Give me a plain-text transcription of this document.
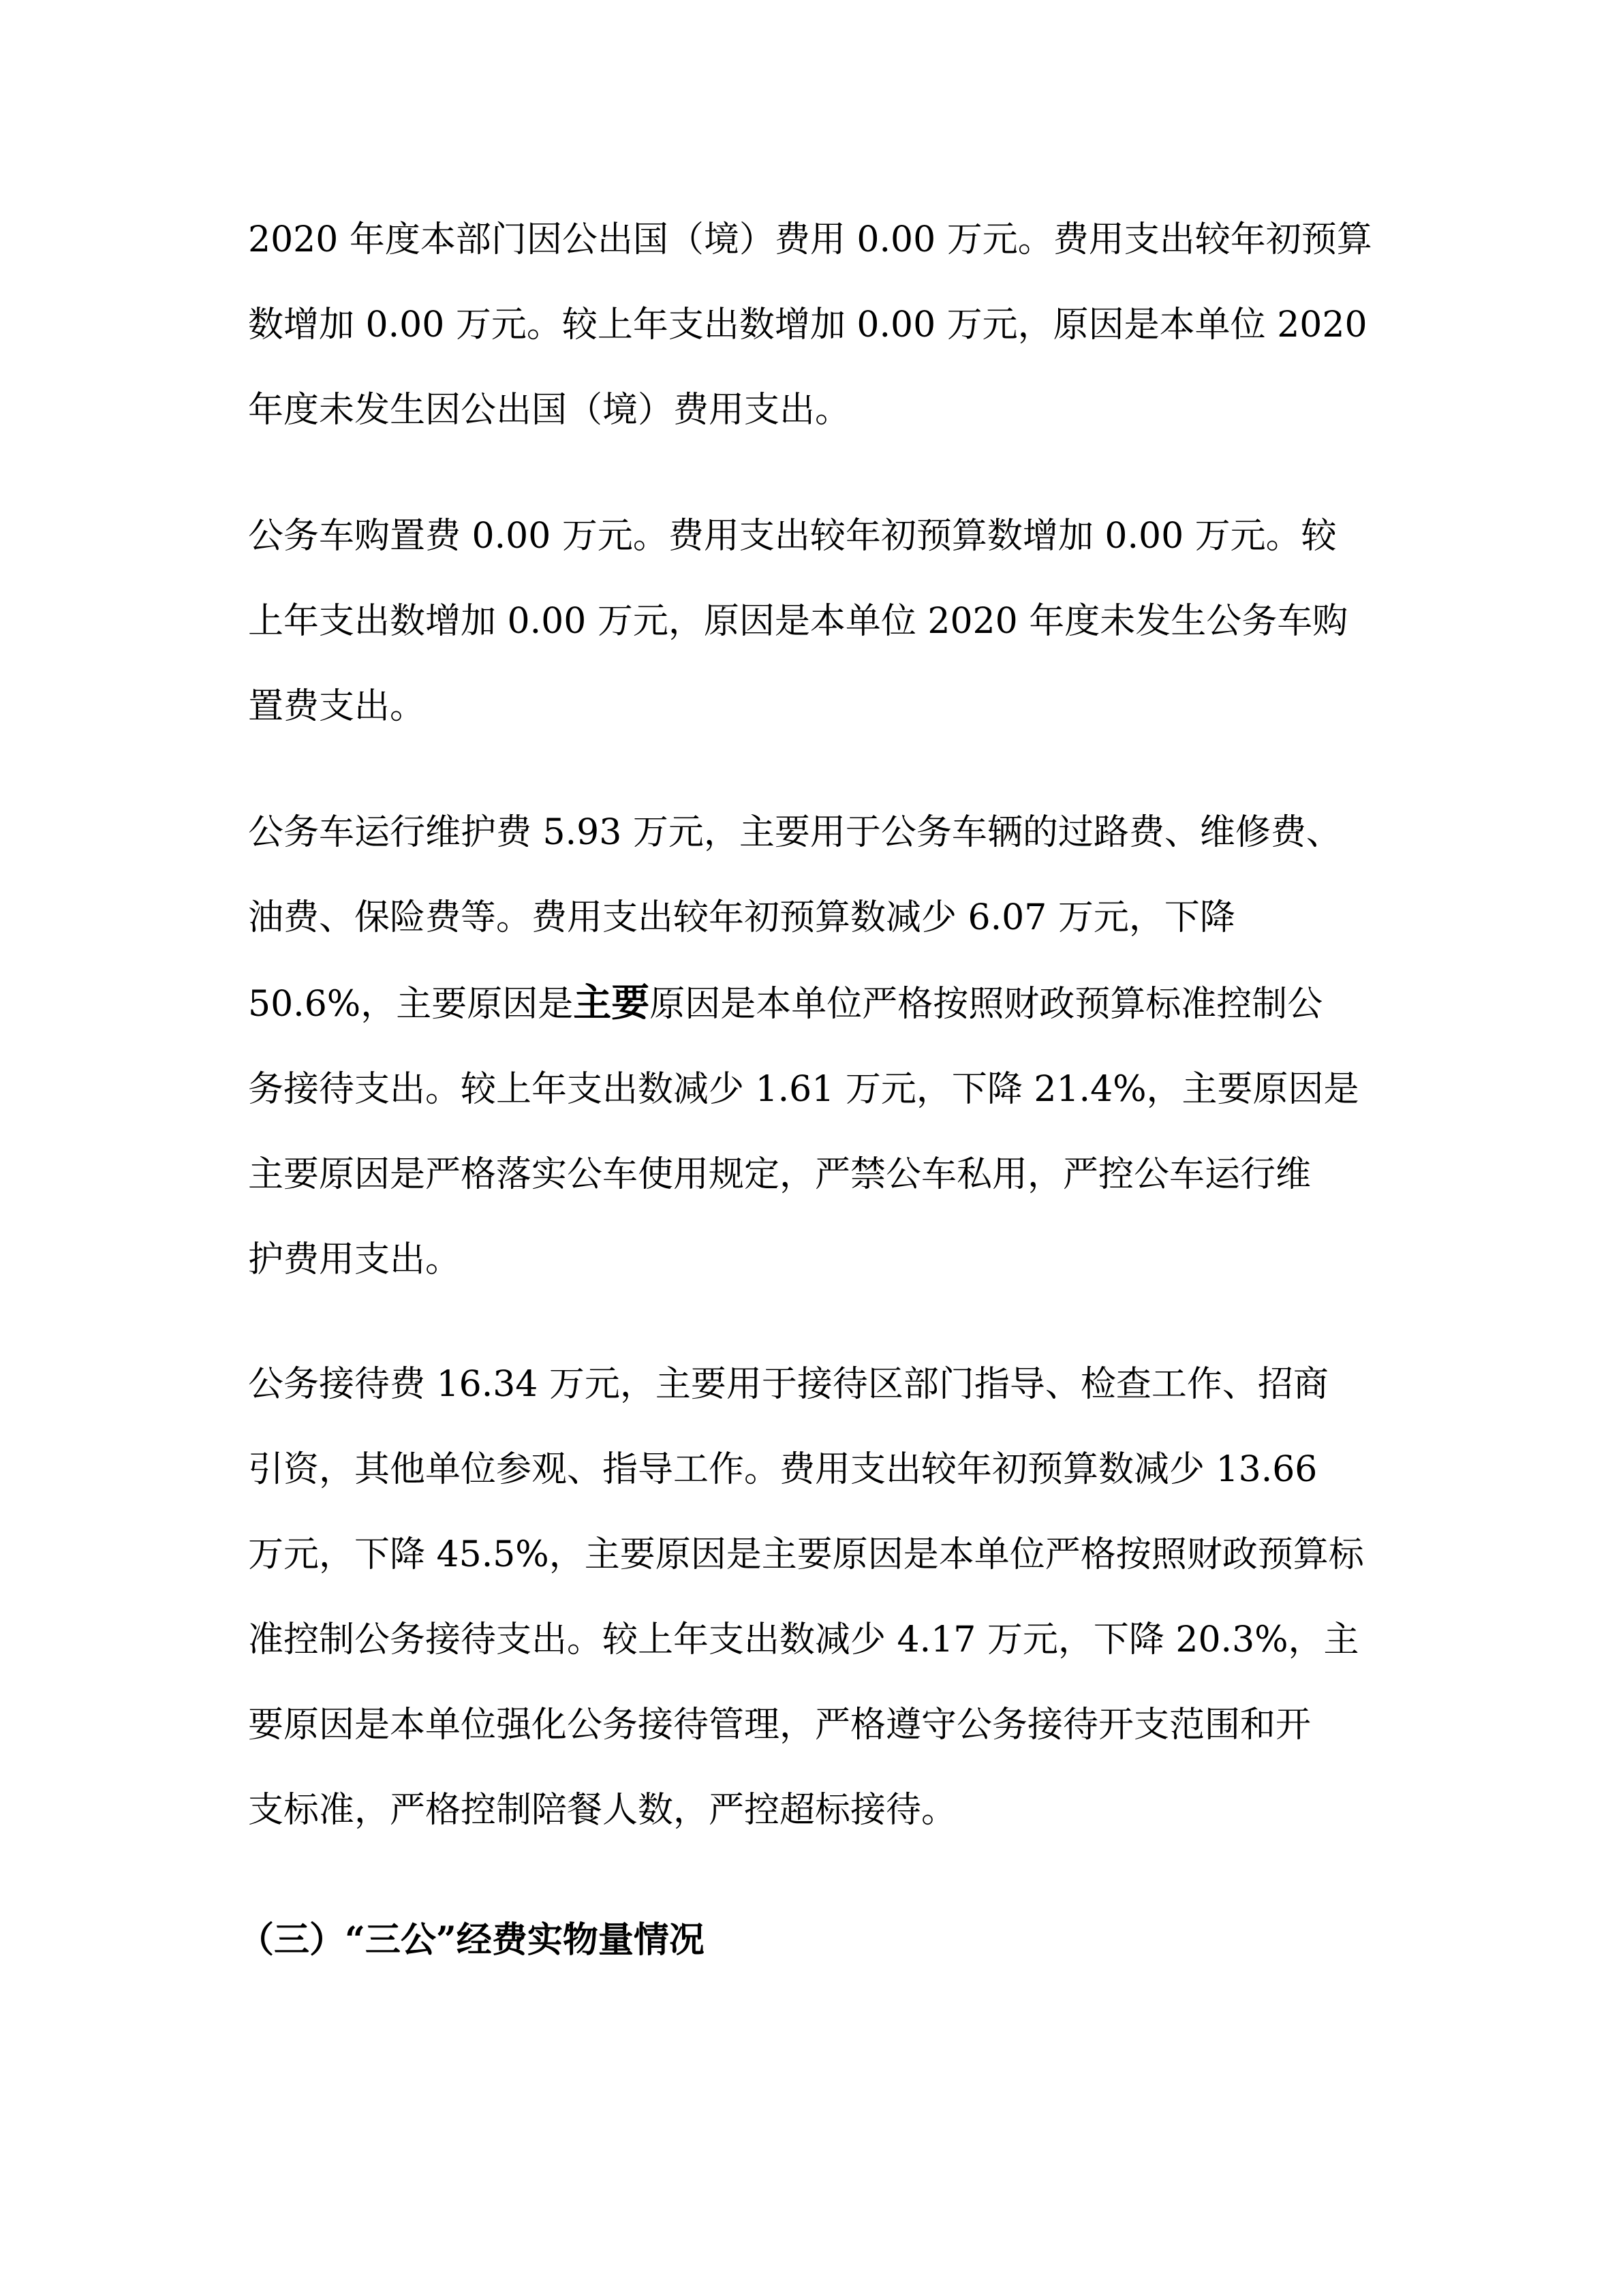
2020 年度本部门因公出国（境）费用 0.00 万元。费用支出较年初预算
数增加 0.00 万元。较上年支出数增加 0.00 万元，原因是本单位 2020
年度未发生因公出国（境）费用支出。

公务车购置费 0.00 万元。费用支出较年初预算数增加 0.00 万元。较
上年支出数增加 0.00 万元，原因是本单位 2020 年度未发生公务车购
置费支出。

公务车运行维护费 5.93 万元，主要用于公务车辆的过路费、维修费、
油费、保险费等。费用支出较年初预算数减少 6.07 万元，下降
50.6%，主要原因是主要原因是本单位严格按照财政预算标准控制公
务接待支出。较上年支出数减少 1.61 万元，下降 21.4%，主要原因是
主要原因是严格落实公车使用规定，严禁公车私用，严控公车运行维
护费用支出。

公务接待费 16.34 万元，主要用于接待区部门指导、检查工作、招商
引资，其他单位参观、指导工作。费用支出较年初预算数减少 13.66
万元，下降 45.5%，主要原因是主要原因是本单位严格按照财政预算标
准控制公务接待支出。较上年支出数减少 4.17 万元，下降 20.3%，主
要原因是本单位强化公务接待管理，严格遵守公务接待开支范围和开
支标准，严格控制陪餐人数，严控超标接待。

（三）“三公”经费实物量情况
